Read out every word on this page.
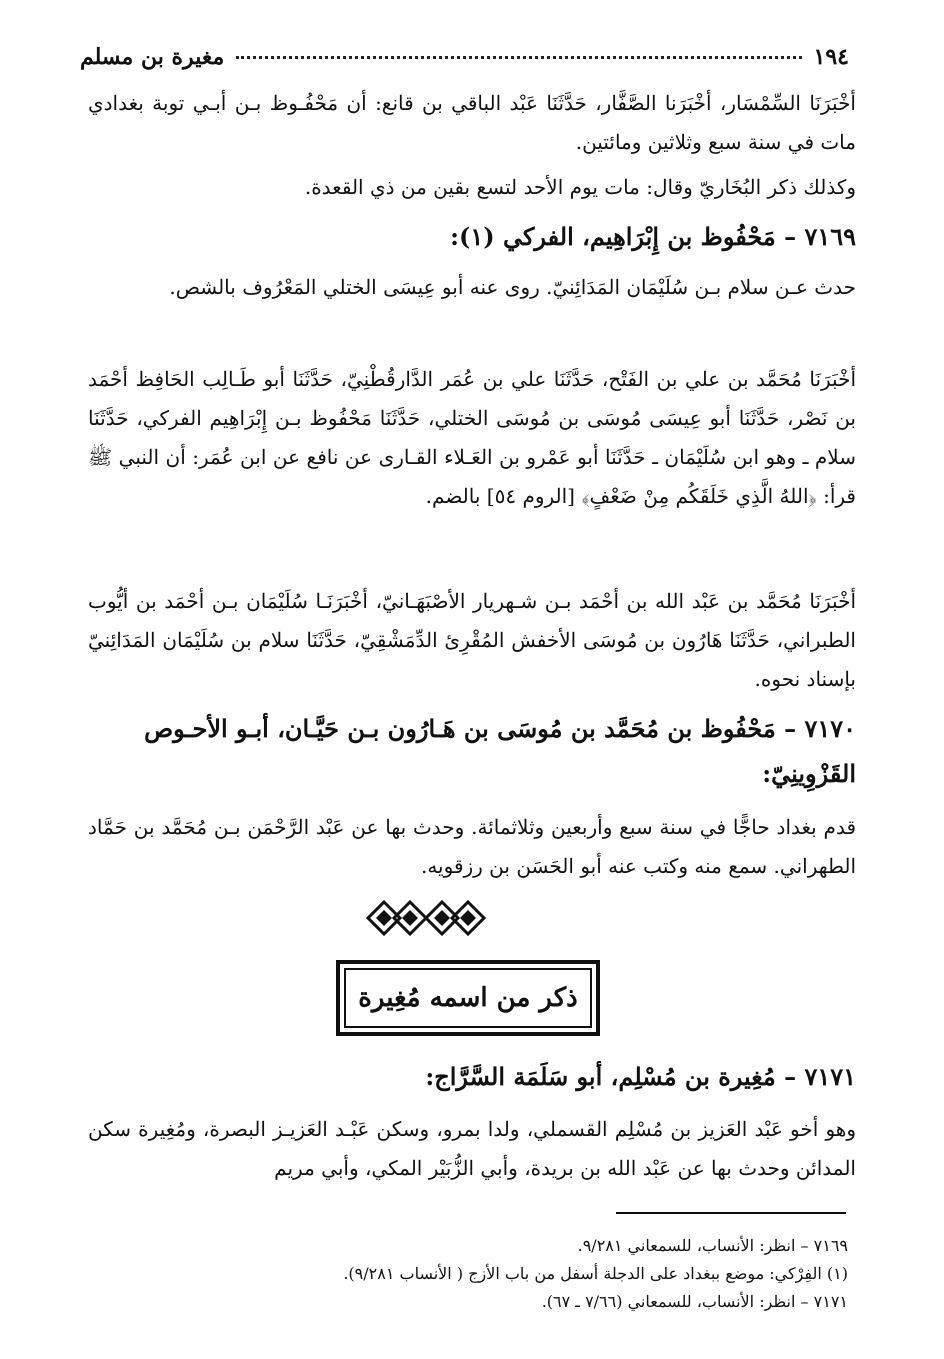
١٩٤
مغيرة بن مسلم

أخْبَرَنَا السِّمْسَار، أخْبَرَنا الصَّفَّار، حَدَّثَنَا عَبْد الباقي بن قانع: أن مَحْفُـوظ بـن أبـي توبة بغدادي مات في سنة سبع وثلاثين ومائتين.

وكذلك ذكر البُخَاريّ وقال: مات يوم الأحد لتسع بقين من ذي القعدة.

٧١٦٩ – مَحْفُوظ بن إِبْرَاهِيم، الفركي (١):

حدث عـن سلام بـن سُلَيْمَان المَدَائِنيّ. روى عنه أبو عِيسَى الختلي المَعْرُوف بالشص.

أخْبَرَنَا مُحَمَّد بن علي بن الفَتْح، حَدَّثَنَا علي بن عُمَر الدَّارقُطْنِيّ، حَدَّثَنَا أبو طَـالِب الحَافِظ أحْمَد بن نَصْر، حَدَّثَنَا أبو عِيسَى مُوسَى بن مُوسَى الختلي، حَدَّثَنَا مَحْفُوظ بـن إِبْرَاهِيم الفركي، حَدَّثَنَا سلام ـ وهو ابن سُلَيْمَان ـ حَدَّثَنَا أبو عَمْرو بن العَـلاء القـارى عن نافع عن ابن عُمَر: أن النبي ﷺ قرأ: ﴿اللهُ الَّذِي خَلَقَكُم مِنْ ضَعْفٍ﴾ [الروم ٥٤] بالضم.

أخْبَرَنَا مُحَمَّد بن عَبْد الله بن أحْمَد بـن شـهريار الأصْبَهَـانيّ، أخْبَرَنَـا سُلَيْمَان بـن أحْمَد بن أيُّوب الطبراني، حَدَّثَنَا هَارُون بن مُوسَى الأخفش المُقْرِئ الدِّمَشْقِيّ، حَدَّثَنَا سلام بن سُلَيْمَان المَدَائِنيّ بإسناد نحوه.

٧١٧٠ – مَحْفُوظ بن مُحَمَّد بن مُوسَى بن هَـارُون بـن حَيَّـان، أبـو الأحـوص القَزْوِينِيّ:

قدم بغداد حاجًّا في سنة سبع وأربعين وثلاثمائة. وحدث بها عن عَبْد الرَّحْمَن بـن مُحَمَّد بن حَمَّاد الطهراني. سمع منه وكتب عنه أبو الحَسَن بن رزقويه.

ذكر من اسمه مُغِيرة

٧١٧١ – مُغِيرة بن مُسْلِم، أبو سَلَمَة السَّرَّاج:

وهو أخو عَبْد العَزيز بن مُسْلِم القسملي، ولدا بمرو، وسكن عَبْـد العَزيـز البصرة، ومُغِيرة سكن المدائن وحدث بها عن عَبْد الله بن بريدة، وأبي الزُّبَيْر المكي، وأبي مريم

٧١٦٩ – انظر: الأنساب، للسمعاني ٩/٢٨١.

(١) الفِرْكي: موضع ببغداد على الدجلة أسفل من باب الأزج ( الأنساب ٩/٢٨١).

٧١٧١ – انظر: الأنساب، للسمعاني (٧/٦٦ ـ ٦٧).
